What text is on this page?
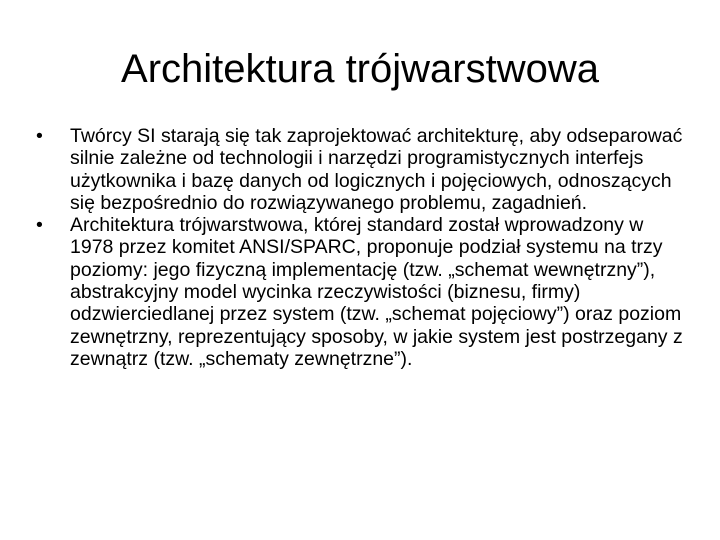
Architektura trójwarstwowa
•	Twórcy SI starają się tak zaprojektować architekturę, aby odseparować silnie zależne od technologii i narzędzi programistycznych interfejs użytkownika i bazę danych od logicznych i pojęciowych, odnoszących się bezpośrednio do rozwiązywanego problemu, zagadnień.
•	Architektura trójwarstwowa, której standard został wprowadzony w 1978 przez komitet ANSI/SPARC, proponuje podział systemu na trzy poziomy: jego fizyczną implementację (tzw. „schemat wewnętrzny”), abstrakcyjny model wycinka rzeczywistości (biznesu, firmy) odzwierciedlanej przez system (tzw. „schemat pojęciowy”) oraz poziom zewnętrzny, reprezentujący sposoby, w jakie system jest postrzegany z zewnątrz (tzw. „schematy zewnętrzne”).
